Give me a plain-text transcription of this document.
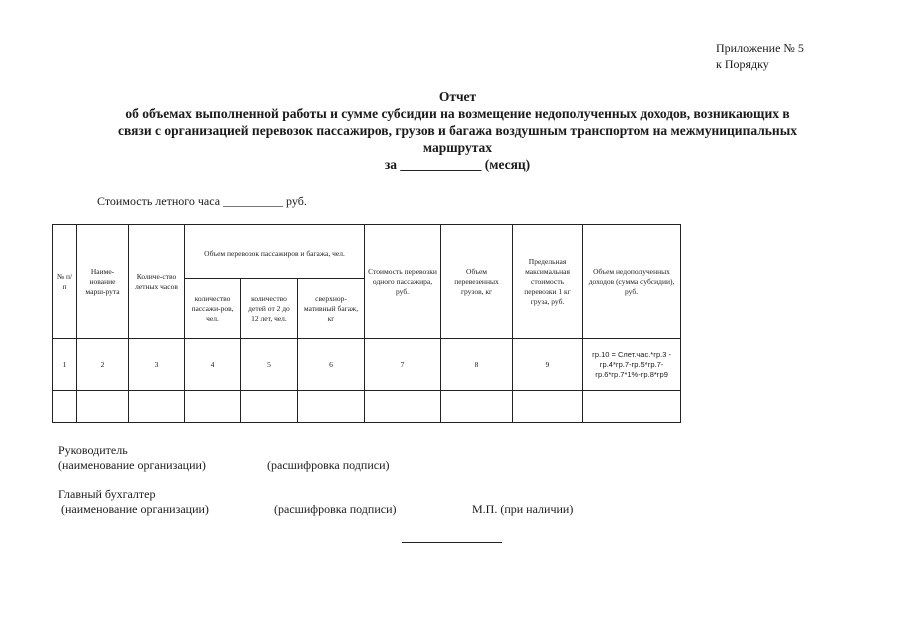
Приложение № 5
к Порядку
Отчет
об объемах выполненной работы и сумме субсидии на возмещение недополученных доходов, возникающих в
связи с организацией перевозок пассажиров, грузов и багажа воздушным транспортом на межмуниципальных
маршрутах
за ____________ (месяц)
Стоимость летного часа __________ руб.
№ п/п	Наиме-нование марш-рута	Количе-ство летных часов	Объем перевозок пассажиров и багажа, чел.			Стоимость перевозки одного пассажира, руб.	Объем перевезенных грузов, кг	Предельная максимальная стоимость перевозки 1 кг груза, руб.	Объем недополученных доходов (сумма субсидии), руб.
			количество пассажи-ров, чел.	количество детей от 2 до 12 лет, чел.	сверхнор-мативный багаж, кг				
1	2	3	4	5	6	7	8	9	гр.10 = Слет.час.*гр.3 - гр.4*гр.7-гр.5*гр.7-гр.6*гр.7*1%-гр.8*гр9

Руководитель
(наименование организации)	(расшифровка подписи)
Главный бухгалтер
(наименование организации)	(расшифровка подписи)	М.П. (при наличии)
